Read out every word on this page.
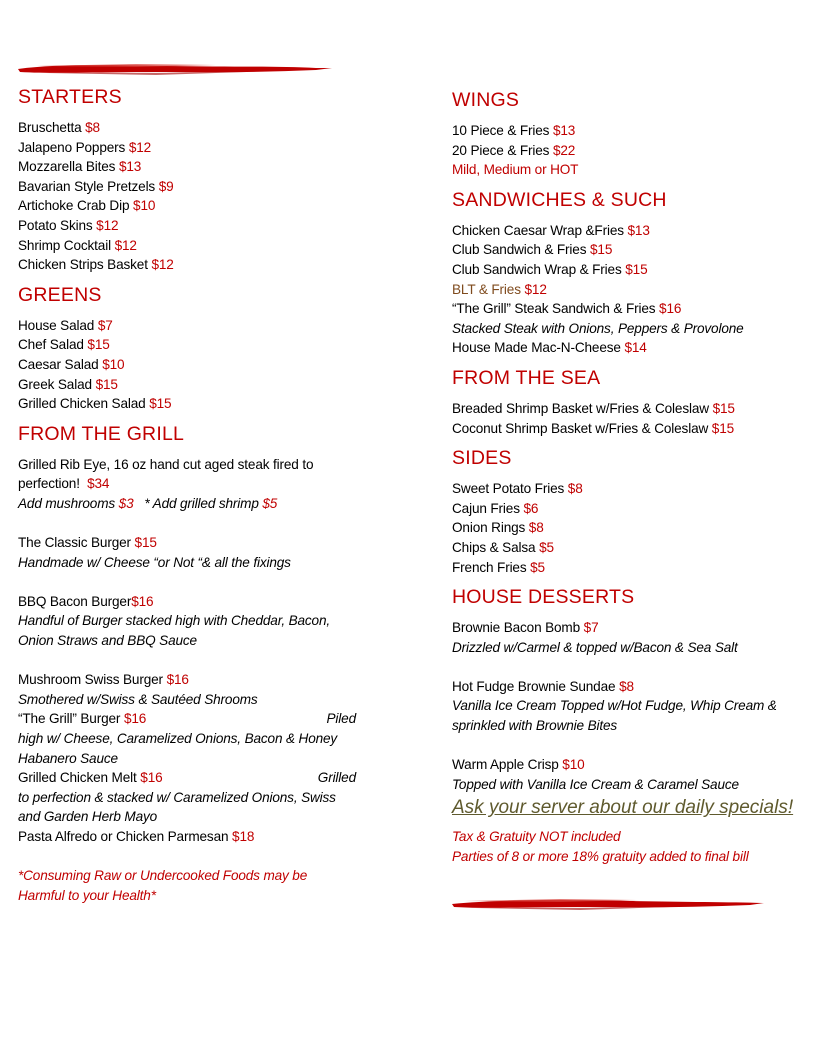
STARTERS
Bruschetta $8
Jalapeno Poppers $12
Mozzarella Bites $13
Bavarian Style Pretzels $9
Artichoke Crab Dip $10
Potato Skins $12
Shrimp Cocktail $12
Chicken Strips Basket $12
GREENS
House Salad $7
Chef Salad $15
Caesar Salad $10
Greek Salad $15
Grilled Chicken Salad $15
FROM THE GRILL
Grilled Rib Eye, 16 oz hand cut aged steak fired to
perfection! $34
Add mushrooms $3 * Add grilled shrimp $5
The Classic Burger $15
Handmade w/ Cheese “or Not “& all the fixings
BBQ Bacon Burger$16
Handful of Burger stacked high with Cheddar, Bacon,
Onion Straws and BBQ Sauce
Mushroom Swiss Burger $16
Smothered w/Swiss & Sautéed Shrooms
“The Grill” Burger $16	Piled
high w/ Cheese, Caramelized Onions, Bacon & Honey
Habanero Sauce
Grilled Chicken Melt $16	Grilled
to perfection & stacked w/ Caramelized Onions, Swiss
and Garden Herb Mayo
Pasta Alfredo or Chicken Parmesan $18
*Consuming Raw or Undercooked Foods may be
Harmful to your Health*
WINGS
10 Piece & Fries $13
20 Piece & Fries $22
Mild, Medium or HOT
SANDWICHES & SUCH
Chicken Caesar Wrap &Fries $13
Club Sandwich & Fries $15
Club Sandwich Wrap & Fries $15
BLT & Fries $12
“The Grill” Steak Sandwich & Fries $16
Stacked Steak with Onions, Peppers & Provolone
House Made Mac-N-Cheese $14
FROM THE SEA
Breaded Shrimp Basket w/Fries & Coleslaw $15
Coconut Shrimp Basket w/Fries & Coleslaw $15
SIDES
Sweet Potato Fries $8
Cajun Fries $6
Onion Rings $8
Chips & Salsa $5
French Fries $5
HOUSE DESSERTS
Brownie Bacon Bomb $7
Drizzled w/Carmel & topped w/Bacon & Sea Salt
Hot Fudge Brownie Sundae $8
Vanilla Ice Cream Topped w/Hot Fudge, Whip Cream &
sprinkled with Brownie Bites
Warm Apple Crisp $10
Topped with Vanilla Ice Cream & Caramel Sauce
Ask your server about our daily specials!
Tax & Gratuity NOT included
Parties of 8 or more 18% gratuity added to final bill
